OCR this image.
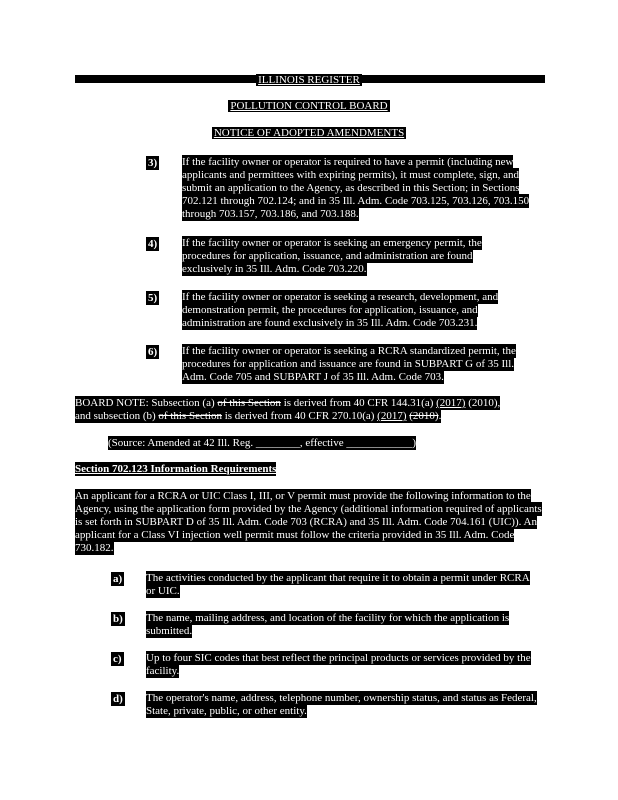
ILLINOIS REGISTER
POLLUTION CONTROL BOARD
NOTICE OF ADOPTED AMENDMENTS
3) If the facility owner or operator is required to have a permit (including new applicants and permittees with expiring permits), it must complete, sign, and submit an application to the Agency, as described in this Section; in Sections 702.121 through 702.124; and in 35 Ill. Adm. Code 703.125, 703.126, 703.150 through 703.157, 703.186, and 703.188.
4) If the facility owner or operator is seeking an emergency permit, the procedures for application, issuance, and administration are found exclusively in 35 Ill. Adm. Code 703.220.
5) If the facility owner or operator is seeking a research, development, and demonstration permit, the procedures for application, issuance, and administration are found exclusively in 35 Ill. Adm. Code 703.231.
6) If the facility owner or operator is seeking a RCRA standardized permit, the procedures for application and issuance are found in SUBPART G of 35 Ill. Adm. Code 705 and SUBPART J of 35 Ill. Adm. Code 703.
BOARD NOTE: Subsection (a) of this Section is derived from 40 CFR 144.31(a) (2017) (2010),
and subsection (b) of this Section is derived from 40 CFR 270.10(a) (2017) (2010).
(Source: Amended at 42 Ill. Reg. ________, effective ____________)
Section 702.123 Information Requirements
An applicant for a RCRA or UIC Class I, III, or V permit must provide the following information to the Agency, using the application form provided by the Agency (additional information required of applicants is set forth in SUBPART D of 35 Ill. Adm. Code 703 (RCRA) and 35 Ill. Adm. Code 704.161 (UIC)). An applicant for a Class VI injection well permit must follow the criteria provided in 35 Ill. Adm. Code 730.182.
a) The activities conducted by the applicant that require it to obtain a permit under RCRA or UIC.
b) The name, mailing address, and location of the facility for which the application is submitted.
c) Up to four SIC codes that best reflect the principal products or services provided by the facility.
d) The operator's name, address, telephone number, ownership status, and status as Federal, State, private, public, or other entity.
